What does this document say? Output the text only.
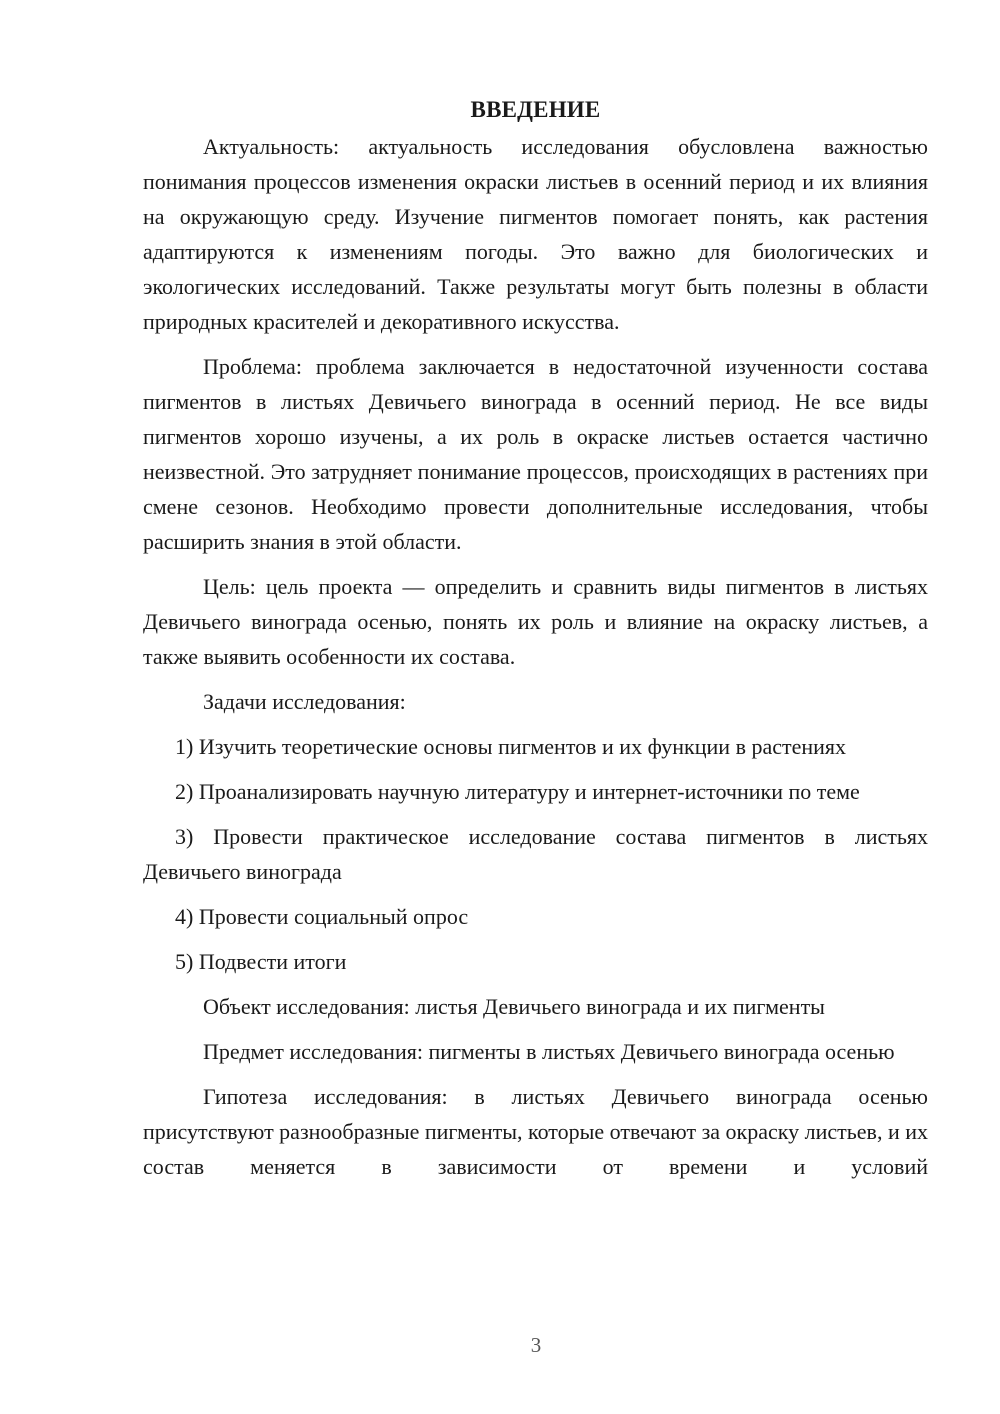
ВВЕДЕНИЕ

Актуальность: актуальность исследования обусловлена важностью понимания процессов изменения окраски листьев в осенний период и их влияния на окружающую среду. Изучение пигментов помогает понять, как растения адаптируются к изменениям погоды. Это важно для биологических и экологических исследований. Также результаты могут быть полезны в области природных красителей и декоративного искусства.

Проблема: проблема заключается в недостаточной изученности состава пигментов в листьях Девичьего винограда в осенний период. Не все виды пигментов хорошо изучены, а их роль в окраске листьев остается частично неизвестной. Это затрудняет понимание процессов, происходящих в растениях при смене сезонов. Необходимо провести дополнительные исследования, чтобы расширить знания в этой области.

Цель: цель проекта — определить и сравнить виды пигментов в листьях Девичьего винограда осенью, понять их роль и влияние на окраску листьев, а также выявить особенности их состава.

Задачи исследования:

1) Изучить теоретические основы пигментов и их функции в растениях

2) Проанализировать научную литературу и интернет-источники по теме

3) Провести практическое исследование состава пигментов в листьях Девичьего винограда

4) Провести социальный опрос

5) Подвести итоги

Объект исследования: листья Девичьего винограда и их пигменты

Предмет исследования: пигменты в листьях Девичьего винограда осенью

Гипотеза исследования: в листьях Девичьего винограда осенью присутствуют разнообразные пигменты, которые отвечают за окраску листьев, и их состав меняется в зависимости от времени и условий

3
